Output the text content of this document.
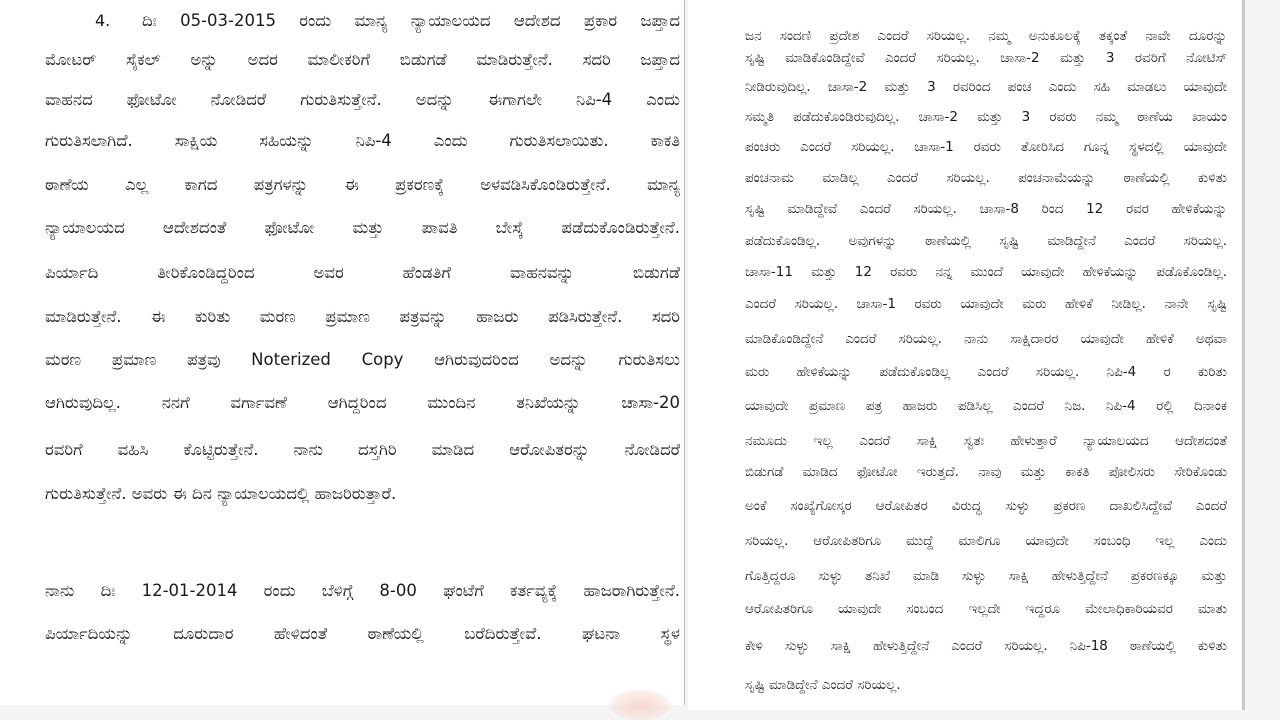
4. ದಿಃ 05-03-2015 ರಂದು ಮಾನ್ಯ ನ್ಯಾಯಾಲಯದ ಆದೇಶದ ಪ್ರಕಾರ ಜಪ್ತಾದ
ಮೋಟರ್ ಸೈಕಲ್ ಅನ್ನು ಅದರ ಮಾಲೀಕರಿಗೆ ಬಿಡುಗಡೆ ಮಾಡಿರುತ್ತೇನೆ. ಸದರಿ ಜಪ್ತಾದ
ವಾಹನದ ಫೋಟೋ ನೋಡಿದರೆ ಗುರುತಿಸುತ್ತೇನೆ. ಅದನ್ನು ಈಗಾಗಲೇ ನಿಪಿ-4 ಎಂದು
ಗುರುತಿಸಲಾಗಿದೆ. ಸಾಕ್ಷಿಯ ಸಹಿಯನ್ನು ನಿಪಿ-4 ಎಂದು ಗುರುತಿಸಲಾಯಿತು. ಕಾಕತಿ
ಠಾಣೆಯ ಎಲ್ಲ ಕಾಗದ ಪತ್ರಗಳನ್ನು ಈ ಪ್ರಕರಣಕ್ಕೆ ಅಳವಡಿಸಿಕೊಂಡಿರುತ್ತೇನೆ. ಮಾನ್ಯ
ನ್ಯಾಯಾಲಯದ ಆದೇಶದಂತೆ ಫೋಟೋ ಮತ್ತು ಪಾವತಿ ಬೇಸ್ಕೆ ಪಡೆದುಕೊಂಡಿರುತ್ತೇನೆ.
ಪಿರ್ಯಾದಿ ತೀರಿಕೊಂಡಿದ್ದರಿಂದ ಅವರ ಹೆಂಡತಿಗೆ ವಾಹನವನ್ನು ಬಿಡುಗಡೆ
ಮಾಡಿರುತ್ತೇನೆ. ಈ ಕುರಿತು ಮರಣ ಪ್ರಮಾಣ ಪತ್ರವನ್ನು ಹಾಜರು ಪಡಿಸಿರುತ್ತೇನೆ. ಸದರಿ
ಮರಣ ಪ್ರಮಾಣ ಪತ್ರವು Noterized Copy ಆಗಿರುವುದರಿಂದ ಅದನ್ನು ಗುರುತಿಸಲು
ಆಗಿರುವುದಿಲ್ಲ. ನನಗೆ ವರ್ಗಾವಣೆ ಆಗಿದ್ದರಿಂದ ಮುಂದಿನ ತನಿಖೆಯನ್ನು ಚಾಸಾ-20
ರವರಿಗೆ ವಹಿಸಿ ಕೊಟ್ಟಿರುತ್ತೇನೆ. ನಾನು ದಸ್ತಗಿರಿ ಮಾಡಿದ ಆರೋಪಿತರನ್ನು ನೋಡಿದರೆ
ಗುರುತಿಸುತ್ತೇನೆ. ಅವರು ಈ ದಿನ ನ್ಯಾಯಾಲಯದಲ್ಲಿ ಹಾಜರಿರುತ್ತಾರೆ.
ನಾನು ದಿಃ 12-01-2014 ರಂದು ಬೆಳಿಗ್ಗೆ 8-00 ಘಂಟೆಗೆ ಕರ್ತವ್ಯಕ್ಕೆ ಹಾಜರಾಗಿರುತ್ತೇನೆ.
ಪಿರ್ಯಾದಿಯನ್ನು ದೂರುದಾರ ಹೇಳಿದಂತೆ ಠಾಣೆಯಲ್ಲಿ ಬರೆದಿರುತ್ತೇವೆ. ಘಟನಾ ಸ್ಥಳ
ಜನ ಸಂದಣಿ ಪ್ರದೇಶ ಎಂದರೆ ಸರಿಯಲ್ಲ. ನಮ್ಮ ಅನುಕೂಲಕ್ಕೆ ತಕ್ಕಂತೆ ನಾವೇ ದೂರನ್ನು
ಸೃಷ್ಟಿ ಮಾಡಿಕೊಂಡಿದ್ದೇವೆ ಎಂದರೆ ಸರಿಯಲ್ಲ. ಚಾಸಾ-2 ಮತ್ತು 3 ರವರಿಗೆ ನೋಟಿಸ್
ನೀಡಿರುವುದಿಲ್ಲ. ಚಾಸಾ-2 ಮತ್ತು 3 ರವರಿಂದ ಪಂಚ ಎಂದು ಸಹಿ ಮಾಡಲು ಯಾವುದೇ
ಸಮ್ಮತಿ ಪಡೆದುಕೊಂಡಿರುವುದಿಲ್ಲ. ಚಾಸಾ-2 ಮತ್ತು 3 ರವರು ನಮ್ಮ ಠಾಣೆಯ ಖಾಯಂ
ಪಂಚರು ಎಂದರೆ ಸರಿಯಲ್ಲ. ಚಾಸಾ-1 ರವರು ತೋರಿಸಿದ ಗೂನ್ನ ಸ್ಥಳದಲ್ಲಿ ಯಾವುದೇ
ಪಂಚನಾಮ ಮಾಡಿಲ್ಲ ಎಂದರೆ ಸರಿಯಲ್ಲ. ಪಂಚನಾಮೆಯನ್ನು ಠಾಣೆಯಲ್ಲಿ ಕುಳಿತು
ಸೃಷ್ಟಿ ಮಾಡಿದ್ದೇವೆ ಎಂದರೆ ಸರಿಯಲ್ಲ. ಚಾಸಾ-8 ರಿಂದ 12 ರವರ ಹೇಳಿಕೆಯನ್ನು
ಪಡೆದುಕೊಂಡಿಲ್ಲ. ಅವುಗಳನ್ನು ಠಾಣೆಯಲ್ಲಿ ಸೃಷ್ಟಿ ಮಾಡಿದ್ದೇನೆ ಎಂದರೆ ಸರಿಯಲ್ಲ.
ಚಾಸಾ-11 ಮತ್ತು 12 ರವರು ನನ್ನ ಮುಂದೆ ಯಾವುದೇ ಹೇಳಿಕೆಯನ್ನು ಪಡೊಕೊಂಡಿಲ್ಲ.
ಎಂದರೆ ಸರಿಯಲ್ಲ. ಚಾಸಾ-1 ರವರು ಯಾವುದೇ ಮರು ಹೇಳಿಕೆ ನೀಡಿಲ್ಲ. ನಾನೇ ಸೃಷ್ಟಿ
ಮಾಡಿಕೊಂಡಿದ್ದೇನೆ ಎಂದರೆ ಸರಿಯಲ್ಲ. ನಾನು ಸಾಕ್ಷಿದಾರರ ಯಾವುದೇ ಹೇಳಿಕೆ ಅಥವಾ
ಮರು ಹೇಳಿಕೆಯನ್ನು ಪಡೆದುಕೊಂಡಿಲ್ಲ ಎಂದರೆ ಸರಿಯಲ್ಲ. ನಿಪಿ-4 ರ ಕುರಿತು
ಯಾವುದೇ ಪ್ರಮಾಣ ಪತ್ರ ಹಾಜರು ಪಡಿಸಿಲ್ಲ ಎಂದರೆ ನಿಜ. ನಿಪಿ-4 ರಲ್ಲಿ ದಿನಾಂಕ
ನಮೂದು ಇಲ್ಲ ಎಂದರೆ ಸಾಕ್ಷಿ ಸ್ವತಃ ಹೇಳುತ್ತಾರೆ ನ್ಯಾಯಾಲಯದ ಆದೇಶದಂತೆ
ಬಿಡುಗಡೆ ಮಾಡಿದ ಫೋಟೋ ಇರುತ್ತದೆ. ನಾವು ಮತ್ತು ಕಾಕತಿ ಪೋಲಿಸರು ಸೇರಿಕೊಂಡು
ಅಂಕೆ ಸಂಖ್ಯೆಗೋಸ್ಕರ ಆರೋಪಿತರ ವಿರುದ್ಧ ಸುಳ್ಳು ಪ್ರಕರಣ ದಾಖಲಿಸಿದ್ದೇವೆ ಎಂದರೆ
ಸರಿಯಲ್ಲ. ಆರೋಪಿತರಿಗೂ ಮುದ್ದೆ ಮಾಲಿಗೂ ಯಾವುದೇ ಸಂಬಂಧಿ ಇಲ್ಲ ಎಂದು
ಗೊತ್ತಿದ್ದರೂ ಸುಳ್ಳು ತನಿಖೆ ಮಾಡಿ ಸುಳ್ಳು ಸಾಕ್ಷಿ ಹೇಳುತ್ತಿದ್ದೇನೆ ಪ್ರಕರಣಕ್ಕೂ ಮತ್ತು
ಆರೋಪಿತರಿಗೂ ಯಾವುದೇ ಸಂಬಂದ ಇಲ್ಲದೇ ಇದ್ದರೂ ಮೇಲಾಧಿಕಾರಿಯವರ ಮಾತು
ಕೇಳಿ ಸುಳ್ಳು ಸಾಕ್ಷಿ ಹೇಳುತ್ತಿದ್ದೇನೆ ಎಂದರೆ ಸರಿಯಲ್ಲ. ನಿಪಿ-18 ಠಾಣೆಯಲ್ಲಿ ಕುಳಿತು
ಸೃಷ್ಟಿ ಮಾಡಿದ್ದೇನೆ ಎಂದರೆ ಸರಿಯಲ್ಲ.
